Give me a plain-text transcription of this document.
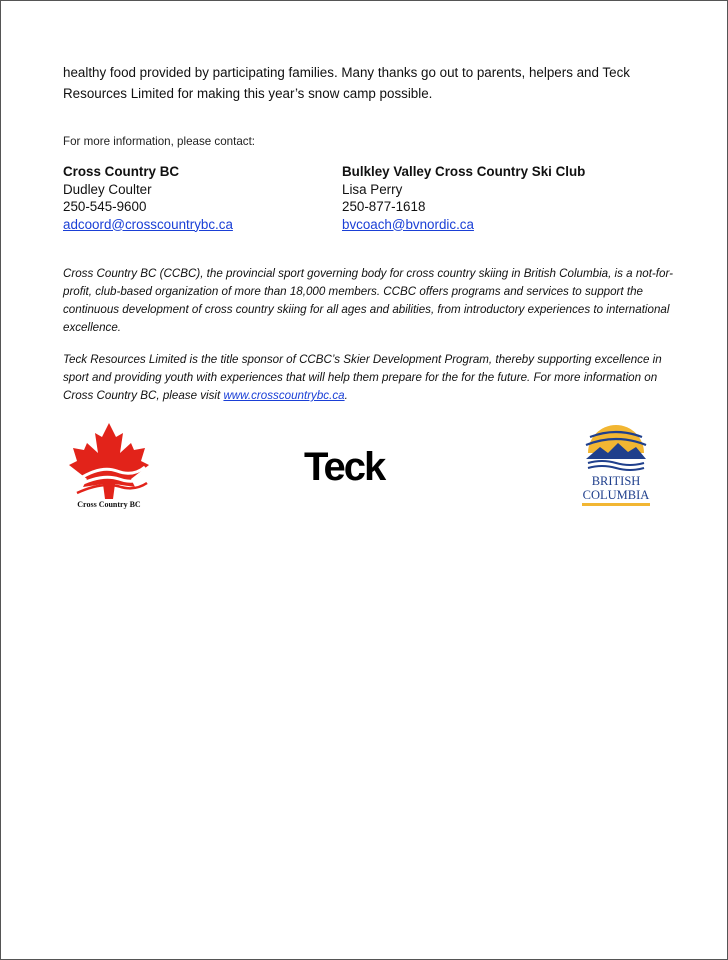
healthy food provided by participating families. Many thanks go out to parents, helpers and Teck
Resources Limited for making this year’s snow camp possible.
For more information, please contact:
Cross Country BC
Dudley Coulter
250-545-9600
adcoord@crosscountrybc.ca
Bulkley Valley Cross Country Ski Club
Lisa Perry
250-877-1618
bvcoach@bvnordic.ca

Cross Country BC (CCBC), the provincial sport governing body for cross country skiing in British Columbia, is a not-for-profit, club-based organization of more than 18,000 members. CCBC offers programs and services to support the continuous development of cross country skiing for all ages and abilities, from introductory experiences to international excellence.

Teck Resources Limited is the title sponsor of CCBC’s Skier Development Program, thereby supporting excellence in sport and providing youth with experiences that will help them prepare for the for the future. For more information on Cross Country BC, please visit www.crosscountrybc.ca.

Cross Country BC
Teck	BRITISH
COLUMBIA
